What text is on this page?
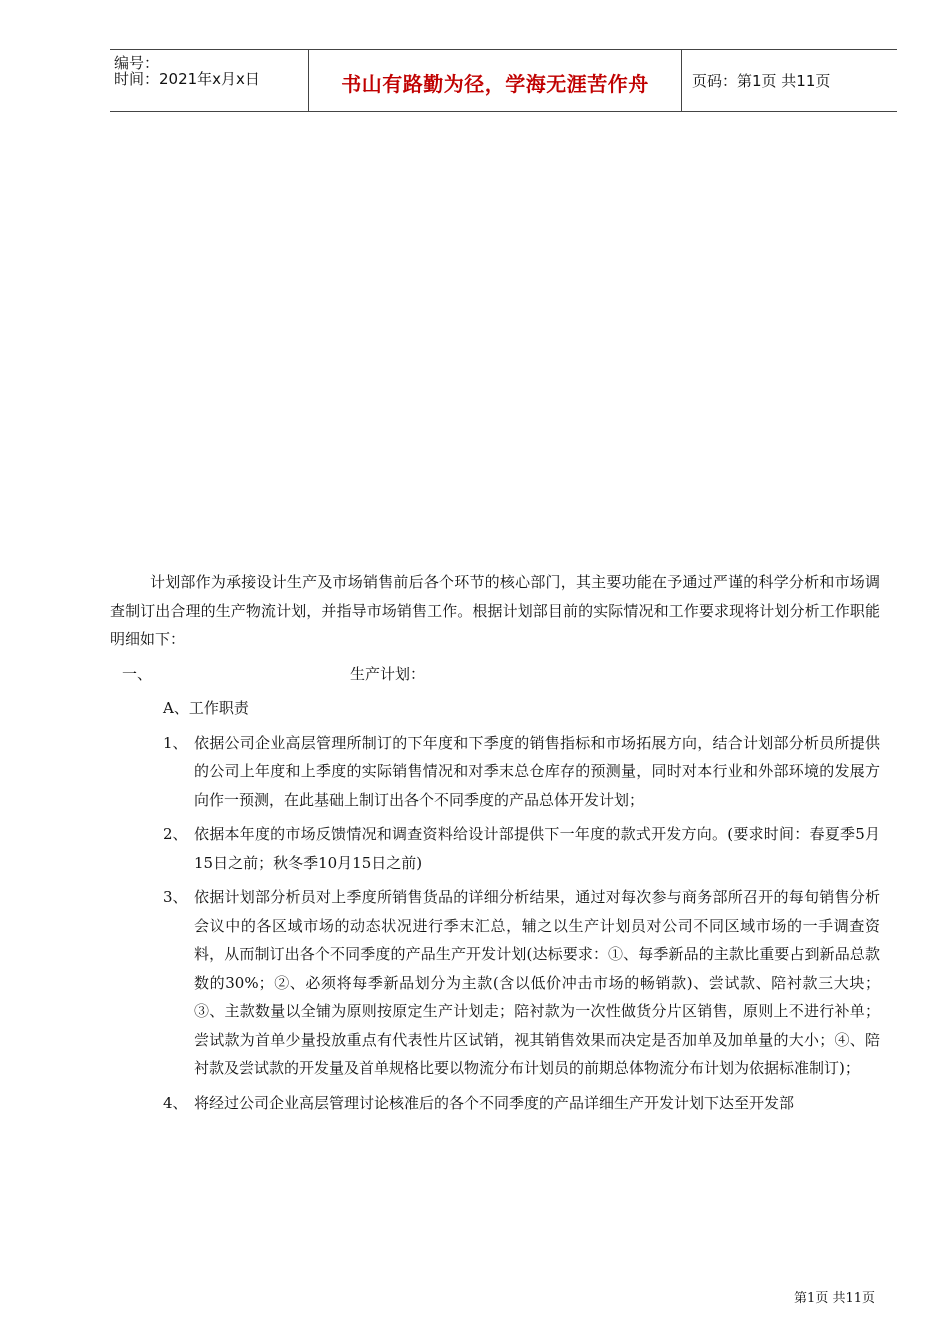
编号：
时间：2021年x月x日	书山有路勤为径，学海无涯苦作舟	页码：第1页 共11页

计划部作为承接设计生产及市场销售前后各个环节的核心部门，其主要功能在予通过严谨的科学分析和市场调查制订出合理的生产物流计划，并指导市场销售工作。根据计划部目前的实际情况和工作要求现将计划分析工作职能明细如下：

一、	生产计划：
A、工作职责
1、 依据公司企业高层管理所制订的下年度和下季度的销售指标和市场拓展方向，结合计划部分析员所提供的公司上年度和上季度的实际销售情况和对季末总仓库存的预测量，同时对本行业和外部环境的发展方向作一预测，在此基础上制订出各个不同季度的产品总体开发计划；
2、 依据本年度的市场反馈情况和调查资料给设计部提供下一年度的款式开发方向。(要求时间：春夏季5月15日之前；秋冬季10月15日之前)
3、 依据计划部分析员对上季度所销售货品的详细分析结果，通过对每次参与商务部所召开的每旬销售分析会议中的各区域市场的动态状况进行季末汇总，辅之以生产计划员对公司不同区域市场的一手调查资料，从而制订出各个不同季度的产品生产开发计划(达标要求：①、每季新品的主款比重要占到新品总款数的30%；②、必须将每季新品划分为主款(含以低价冲击市场的畅销款)、尝试款、陪衬款三大块；③、主款数量以全铺为原则按原定生产计划走；陪衬款为一次性做货分片区销售，原则上不进行补单；尝试款为首单少量投放重点有代表性片区试销，视其销售效果而决定是否加单及加单量的大小；④、陪衬款及尝试款的开发量及首单规格比要以物流分布计划员的前期总体物流分布计划为依据标准制订)；
4、 将经过公司企业高层管理讨论核准后的各个不同季度的产品详细生产开发计划下达至开发部
第1页 共11页
